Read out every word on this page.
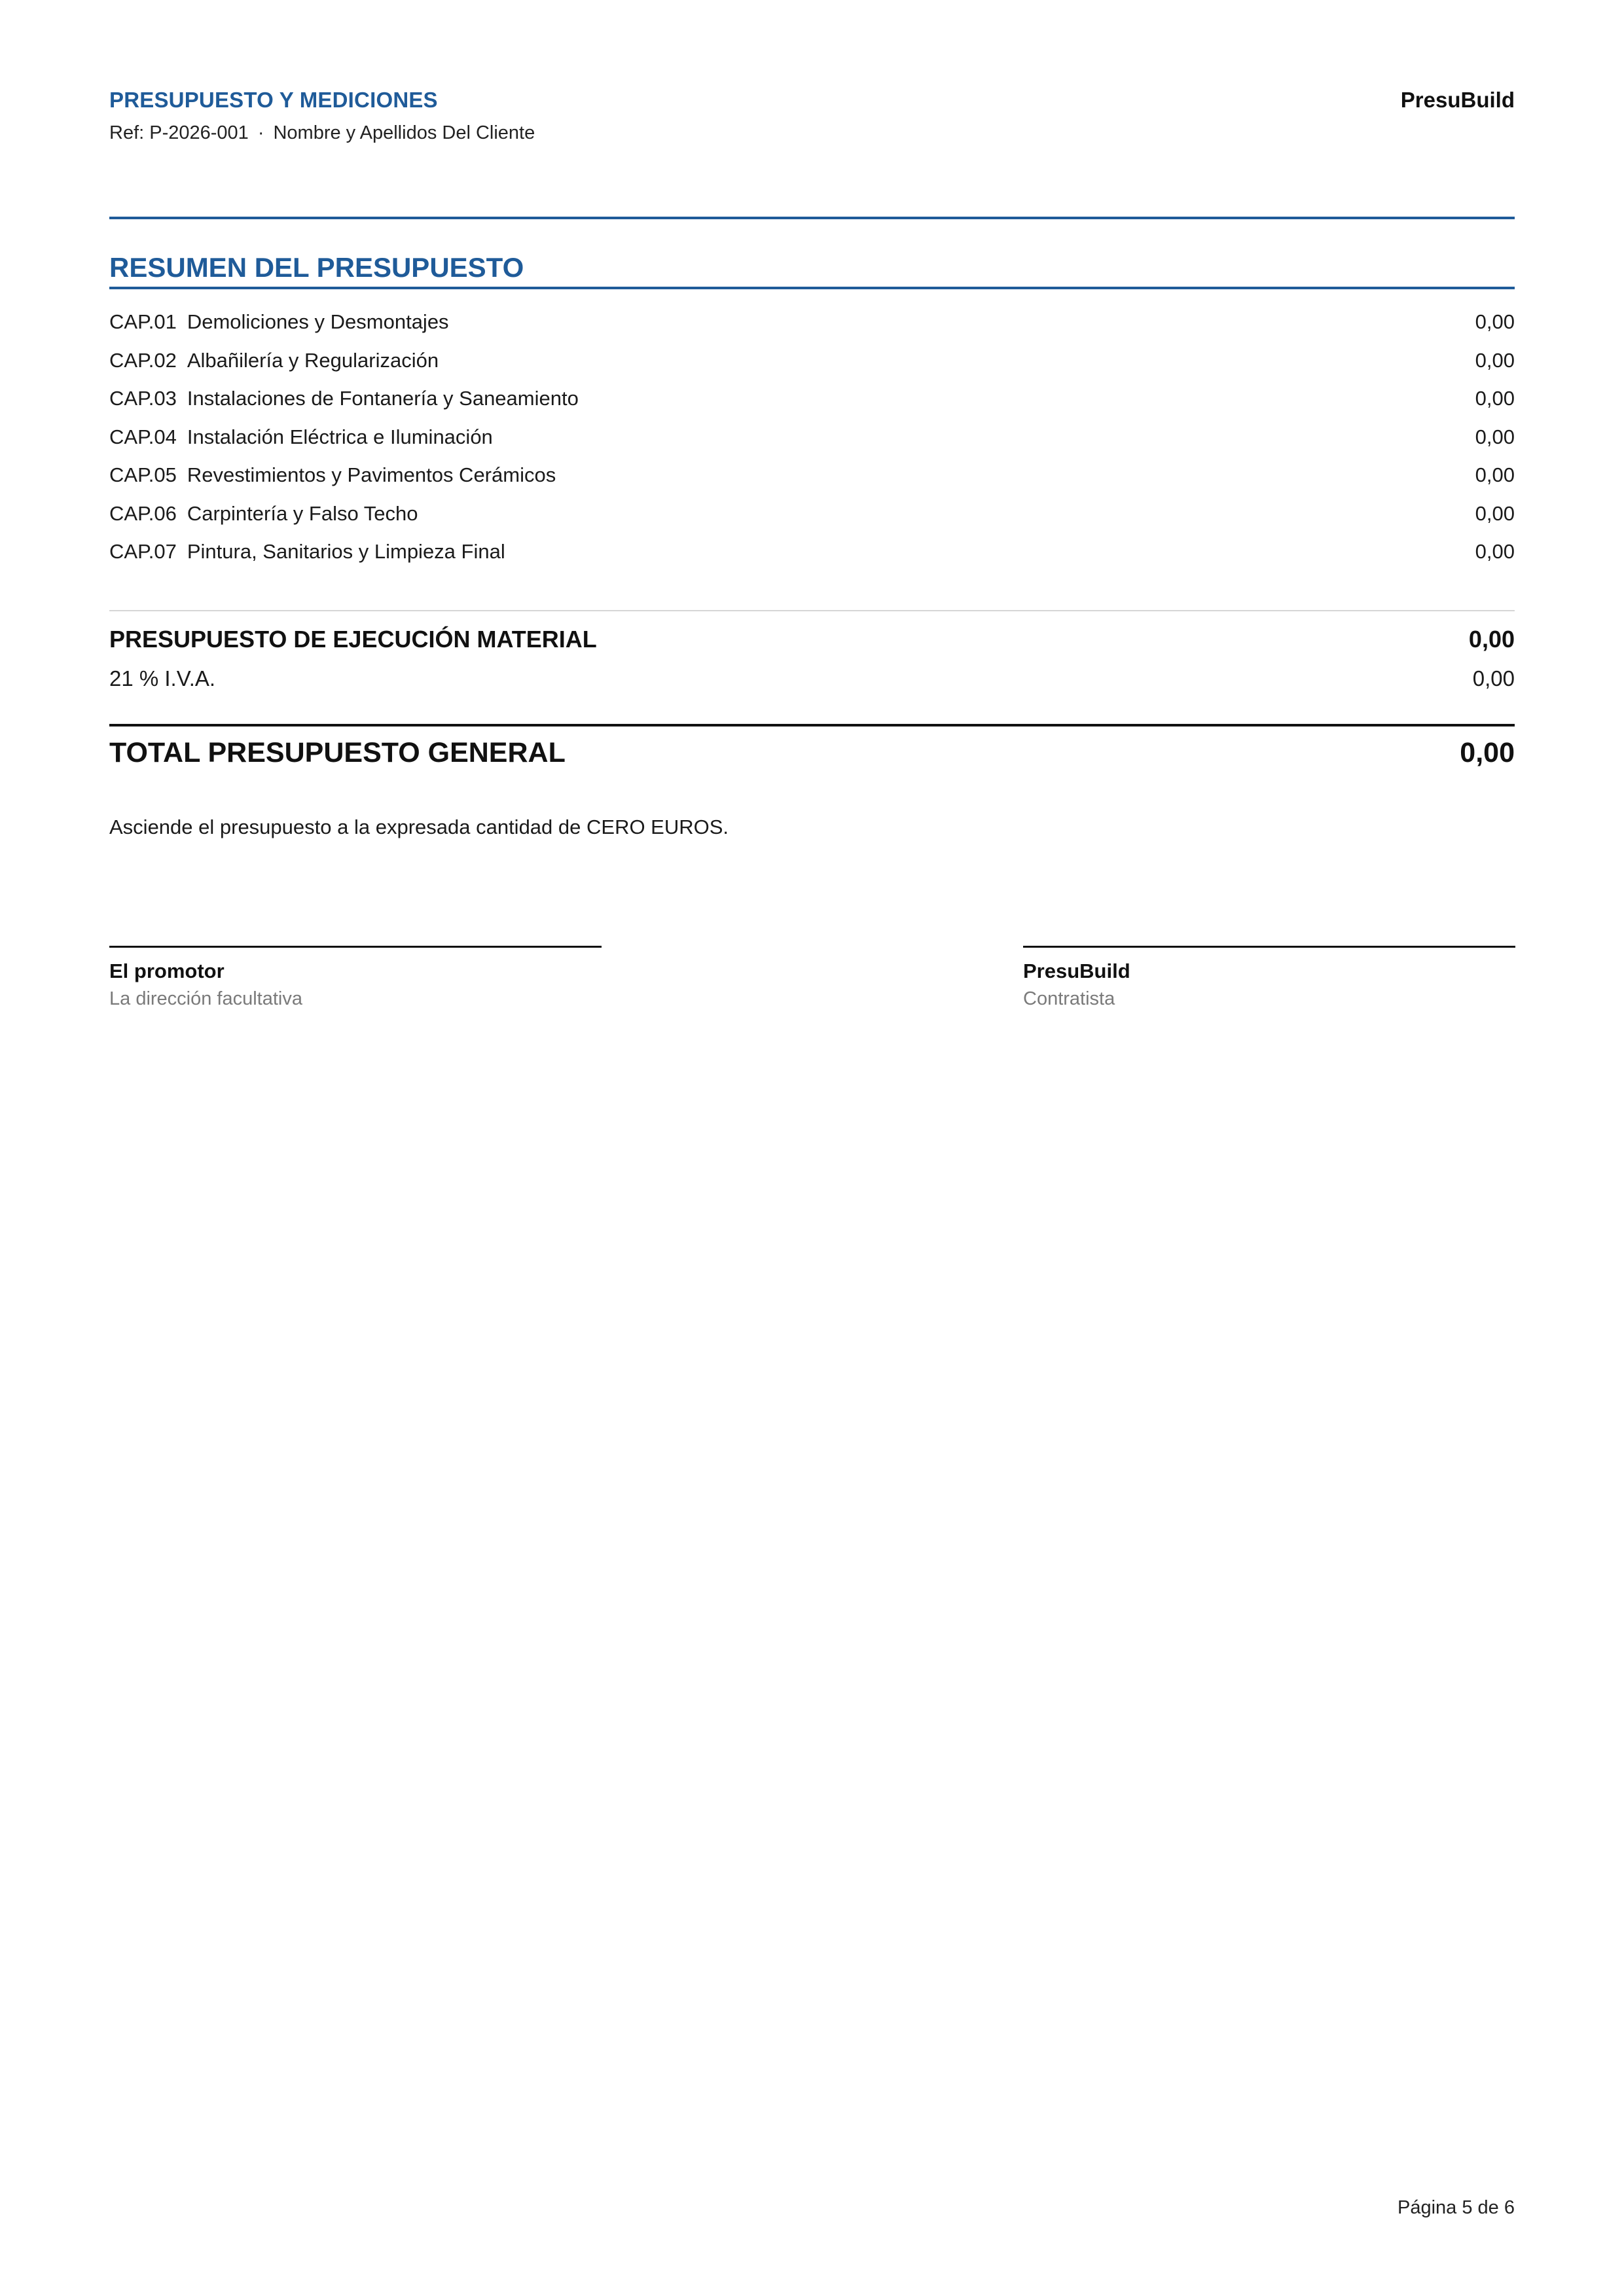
PRESUPUESTO Y MEDICIONES	PresuBuild
Ref: P-2026-001 · Nombre y Apellidos Del Cliente
RESUMEN DEL PRESUPUESTO
CAP.01 Demoliciones y Desmontajes	0,00
CAP.02 Albañilería y Regularización	0,00
CAP.03 Instalaciones de Fontanería y Saneamiento	0,00
CAP.04 Instalación Eléctrica e Iluminación	0,00
CAP.05 Revestimientos y Pavimentos Cerámicos	0,00
CAP.06 Carpintería y Falso Techo	0,00
CAP.07 Pintura, Sanitarios y Limpieza Final	0,00
PRESUPUESTO DE EJECUCIÓN MATERIAL	0,00
21 % I.V.A.	0,00
TOTAL PRESUPUESTO GENERAL	0,00
Asciende el presupuesto a la expresada cantidad de CERO EUROS.
El promotor
La dirección facultativa
PresuBuild
Contratista
Página 5 de 6
